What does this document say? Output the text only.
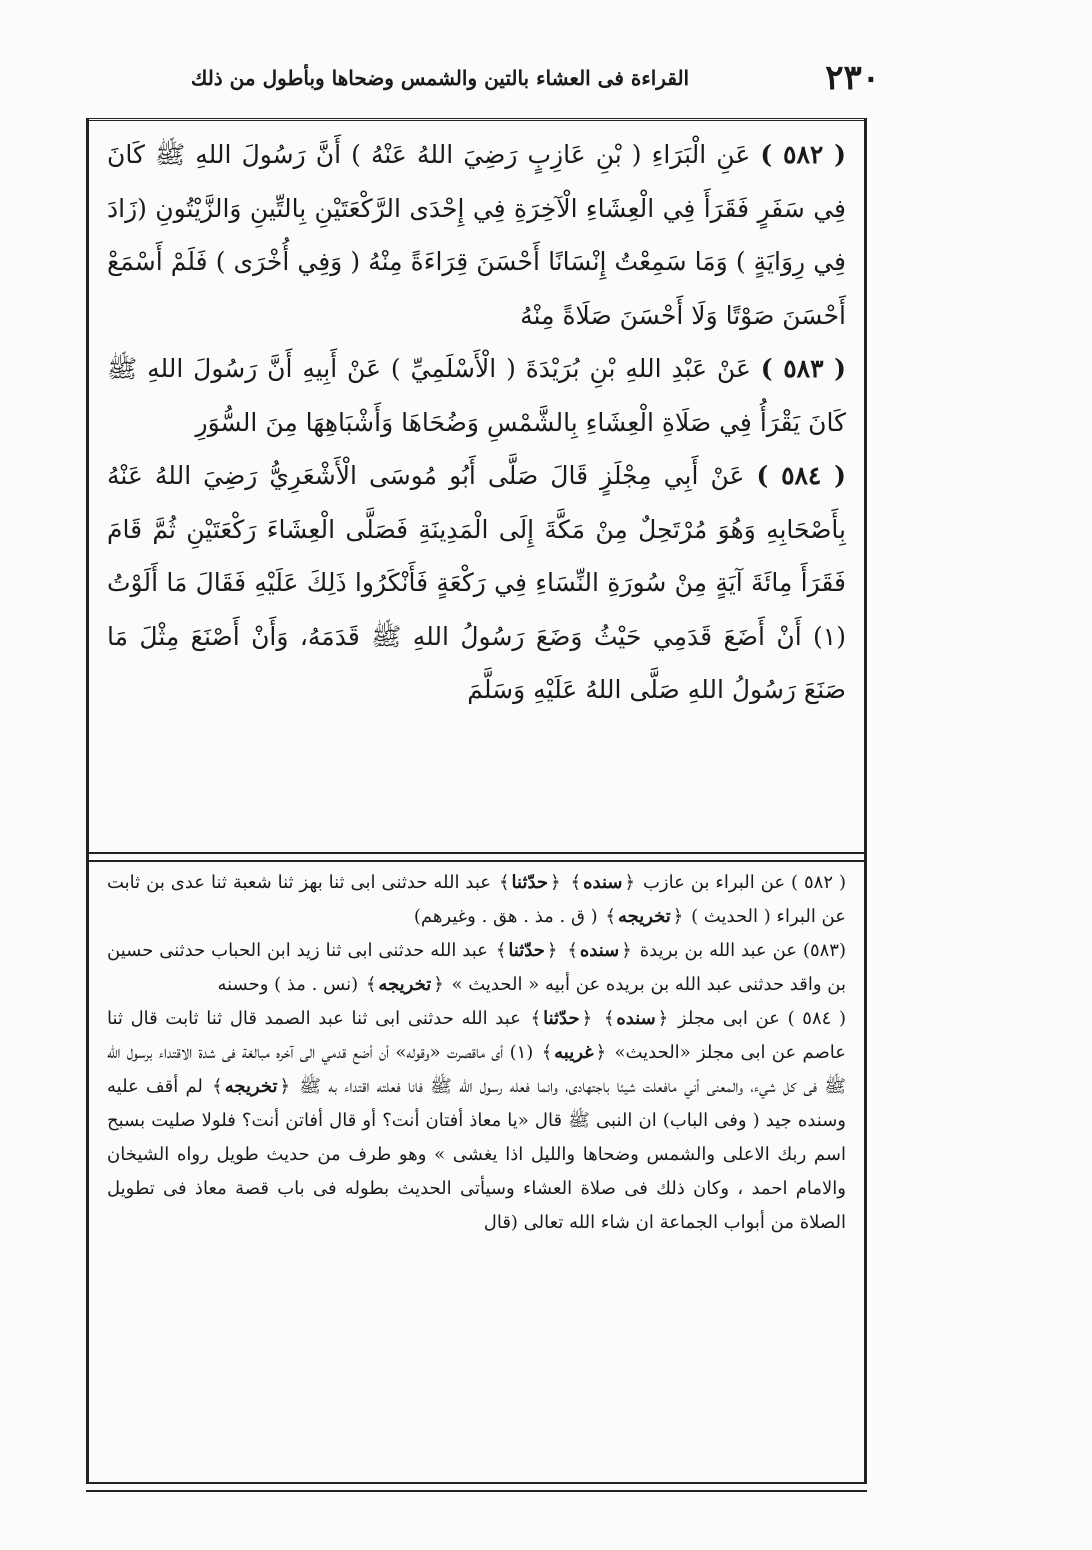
٢٣٠
القراءة فى العشاء بالتين والشمس وضحاها وبأطول من ذلك

( ٥٨٢ ) عَنِ الْبَرَاءِ ( بْنِ عَازِبٍ رَضِيَ اللهُ عَنْهُ ) أَنَّ رَسُولَ اللهِ ﷺ كَانَ فِي سَفَرٍ فَقَرَأَ فِي الْعِشَاءِ الْآخِرَةِ فِي إِحْدَى الرَّكْعَتَيْنِ بِالتِّينِ وَالزَّيْتُونِ (زَادَ فِي رِوَايَةٍ ) وَمَا سَمِعْتُ إِنْسَانًا أَحْسَنَ قِرَاءَةً مِنْهُ ( وَفِي أُخْرَى ) فَلَمْ أَسْمَعْ أَحْسَنَ صَوْتًا وَلَا أَحْسَنَ صَلَاةً مِنْهُ

( ٥٨٣ ) عَنْ عَبْدِ اللهِ بْنِ بُرَيْدَةَ ( الْأَسْلَمِيِّ ) عَنْ أَبِيهِ أَنَّ رَسُولَ اللهِ ﷺ كَانَ يَقْرَأُ فِي صَلَاةِ الْعِشَاءِ بِالشَّمْسِ وَضُحَاهَا وَأَشْبَاهِهَا مِنَ السُّوَرِ

( ٥٨٤ ) عَنْ أَبِي مِجْلَزٍ قَالَ صَلَّى أَبُو مُوسَى الْأَشْعَرِيُّ رَضِيَ اللهُ عَنْهُ بِأَصْحَابِهِ وَهُوَ مُرْتَحِلٌ مِنْ مَكَّةَ إِلَى الْمَدِينَةِ فَصَلَّى الْعِشَاءَ رَكْعَتَيْنِ ثُمَّ قَامَ فَقَرَأَ مِائَةَ آيَةٍ مِنْ سُورَةِ النِّسَاءِ فِي رَكْعَةٍ فَأَنْكَرُوا ذَلِكَ عَلَيْهِ فَقَالَ مَا أَلَوْتُ (١) أَنْ أَضَعَ قَدَمِي حَيْثُ وَضَعَ رَسُولُ اللهِ ﷺ قَدَمَهُ، وَأَنْ أَصْنَعَ مِثْلَ مَا صَنَعَ رَسُولُ اللهِ صَلَّى اللهُ عَلَيْهِ وَسَلَّمَ

( ٥٨٢ ) عن البراء بن عازب ﴿ سنده ﴾ ﴿ حدّثنا ﴾ عبد الله حدثنى ابى ثنا بهز ثنا شعبة ثنا عدى بن ثابت عن البراء ( الحديث ) ﴿ تخريجه ﴾ ( ق . مذ . هق . وغيرهم)

(٥٨٣) عن عبد الله بن بريدة ﴿ سنده ﴾ ﴿ حدّثنا ﴾ عبد الله حدثنى ابى ثنا زيد ابن الحباب حدثنى حسين بن واقد حدثنى عبد الله بن بريده عن أبيه « الحديث » ﴿ تخريجه ﴾ (نس . مذ ) وحسنه

( ٥٨٤ ) عن ابى مجلز ﴿ سنده ﴾ ﴿ حدّثنا ﴾ عبد الله حدثنى ابى ثنا عبد الصمد قال ثنا ثابت قال ثنا عاصم عن ابى مجلز «الحديث» ﴿ غريبه ﴾ (١) أى ماقصرت «وقوله» أن أضع قدمي الى آخره مبالغة فى شدة الاقتداء برسول الله ﷺ فى كل شيء، والمعنى أني مافعلت شيئا باجتهادى، وانما فعله رسول الله ﷺ فانا فعلته اقتداء به ﷺ ﴿ تخريجه ﴾ لم أقف عليه وسنده جيد ( وفى الباب) ان النبى ﷺ قال «يا معاذ أفتان أنت؟ أو قال أفاتن أنت؟ فلولا صليت بسبح اسم ربك الاعلى والشمس وضحاها والليل اذا يغشى » وهو طرف من حديث طويل رواه الشيخان والامام احمد ، وكان ذلك فى صلاة العشاء وسيأتى الحديث بطوله فى باب قصة معاذ فى تطويل الصلاة من أبواب الجماعة ان شاء الله تعالى (قال
